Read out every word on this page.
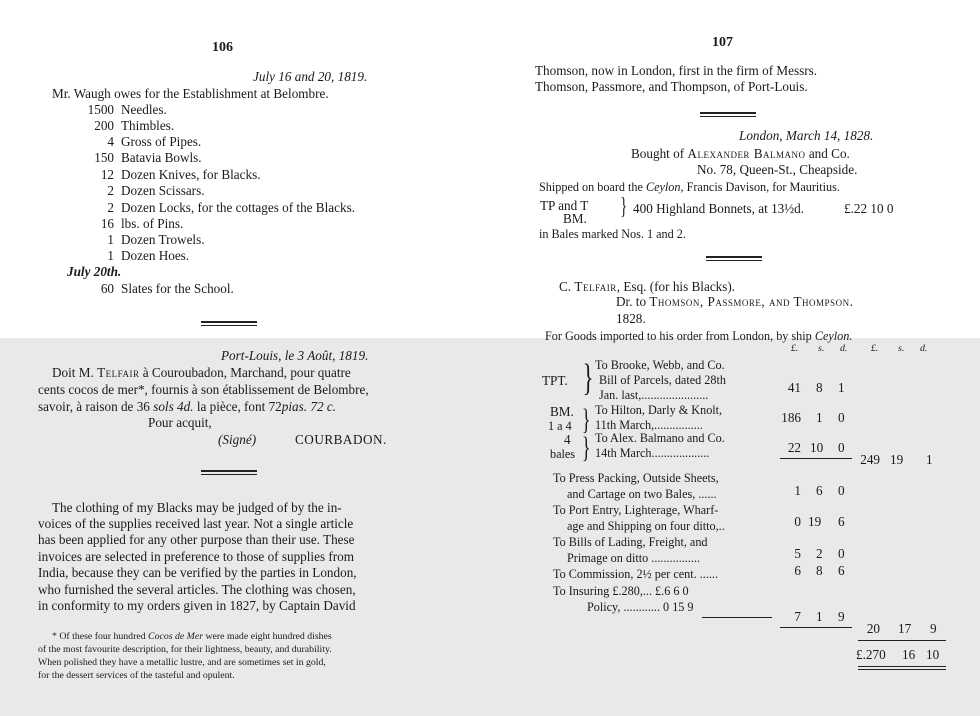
106
July 16 and 20, 1819.
Mr. Waugh owes for the Establishment at Belombre.
1500 Needles.
200 Thimbles.
4 Gross of Pipes.
150 Batavia Bowls.
12 Dozen Knives, for Blacks.
2 Dozen Scissars.
2 Dozen Locks, for the cottages of the Blacks.
16 lbs. of Pins.
1 Dozen Trowels.
1 Dozen Hoes.
July 20th.
60 Slates for the School.
Port-Louis, le 3 Août, 1819.
Doit M. Telfair à Couroubadon, Marchand, pour quatre
cents cocos de mer*, fournis à son établissement de Belombre,
savoir, à raison de 36 sols 4d. la pièce, font 72pias. 72 c.
Pour acquit,
(Signé)	COURBADON.
The clothing of my Blacks may be judged of by the in-
voices of the supplies received last year. Not a single article
has been applied for any other purpose than their use. These
invoices are selected in preference to those of supplies from
India, because they can be verified by the parties in London,
who furnished the several articles. The clothing was chosen,
in conformity to my orders given in 1827, by Captain David
* Of these four hundred Cocos de Mer were made eight hundred dishes
of the most favourite description, for their lightness, beauty, and durability.
When polished they have a metallic lustre, and are sometimes set in gold,
for the dessert services of the tasteful and opulent.
107
Thomson, now in London, first in the firm of Messrs.
Thomson, Passmore, and Thompson, of Port-Louis.
London, March 14, 1828.
Bought of Alexander Balmano and Co.
No. 78, Queen-St., Cheapside.
Shipped on board the Ceylon, Francis Davison, for Mauritius.
TP and T
BM. } 400 Highland Bonnets, at 13½d.	£.22 10 0
in Bales marked Nos. 1 and 2.
C. Telfair, Esq. (for his Blacks).
Dr. to Thomson, Passmore, and Thompson.
1828.
For Goods imported to his order from London, by ship Ceylon.
£. s. d. £. s. d.
TPT. } To Brooke, Webb, and Co.
Bill of Parcels, dated 28th
Jan. last,......................	41 8 1
BM.
1 a 4 } To Hilton, Darly & Knolt,
11th March,................	186 1 0
4
bales } To Alex. Balmano and Co.
14th March...................	22 10 0
249 19 1
To Press Packing, Outside Sheets,
and Cartage on two Bales, ......	1 6 0
To Port Entry, Lighterage, Wharf-
age and Shipping on four ditto,..	0 19 6
To Bills of Lading, Freight, and
Primage on ditto ................	5 2 0
To Commission, 2½ per cent. ......	6 8 6
To Insuring £.280,... £.6 6 0
Policy, ............ 0 15 9
7 1 9
20 17 9
£.270 16 10
